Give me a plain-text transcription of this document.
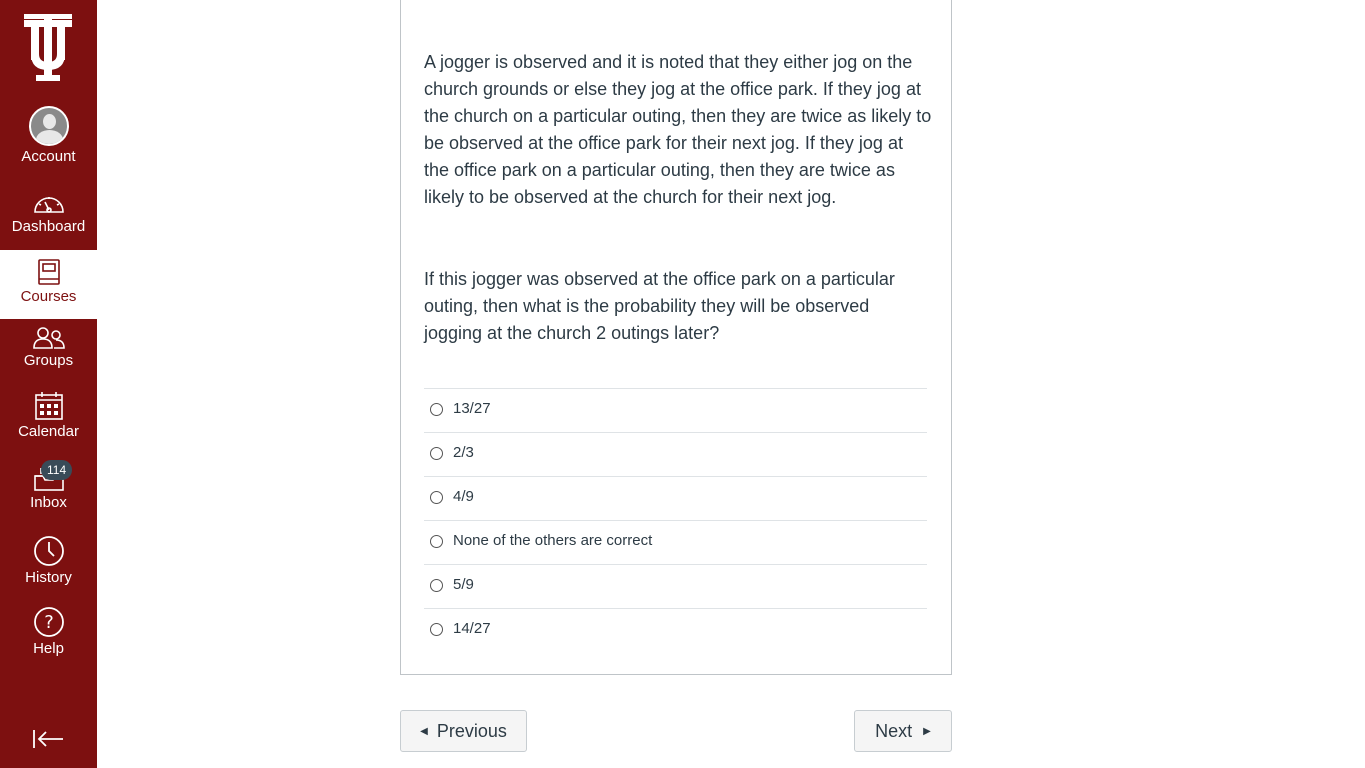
Account
Dashboard
Courses
Groups
Calendar
114
Inbox
History
?
Help
A jogger is observed and it is noted that they either jog on the church grounds or else they jog at the office park. If they jog at the church on a particular outing, then they are twice as likely to be observed at the office park for their next jog. If they jog at the office park on a particular outing, then they are twice as likely to be observed at the church for their next jog.
If this jogger was observed at the office park on a particular outing, then what is the probability they will be observed jogging at the church 2 outings later?
13/27
2/3
4/9
None of the others are correct
5/9
14/27
◀ Previous	Next ▶
